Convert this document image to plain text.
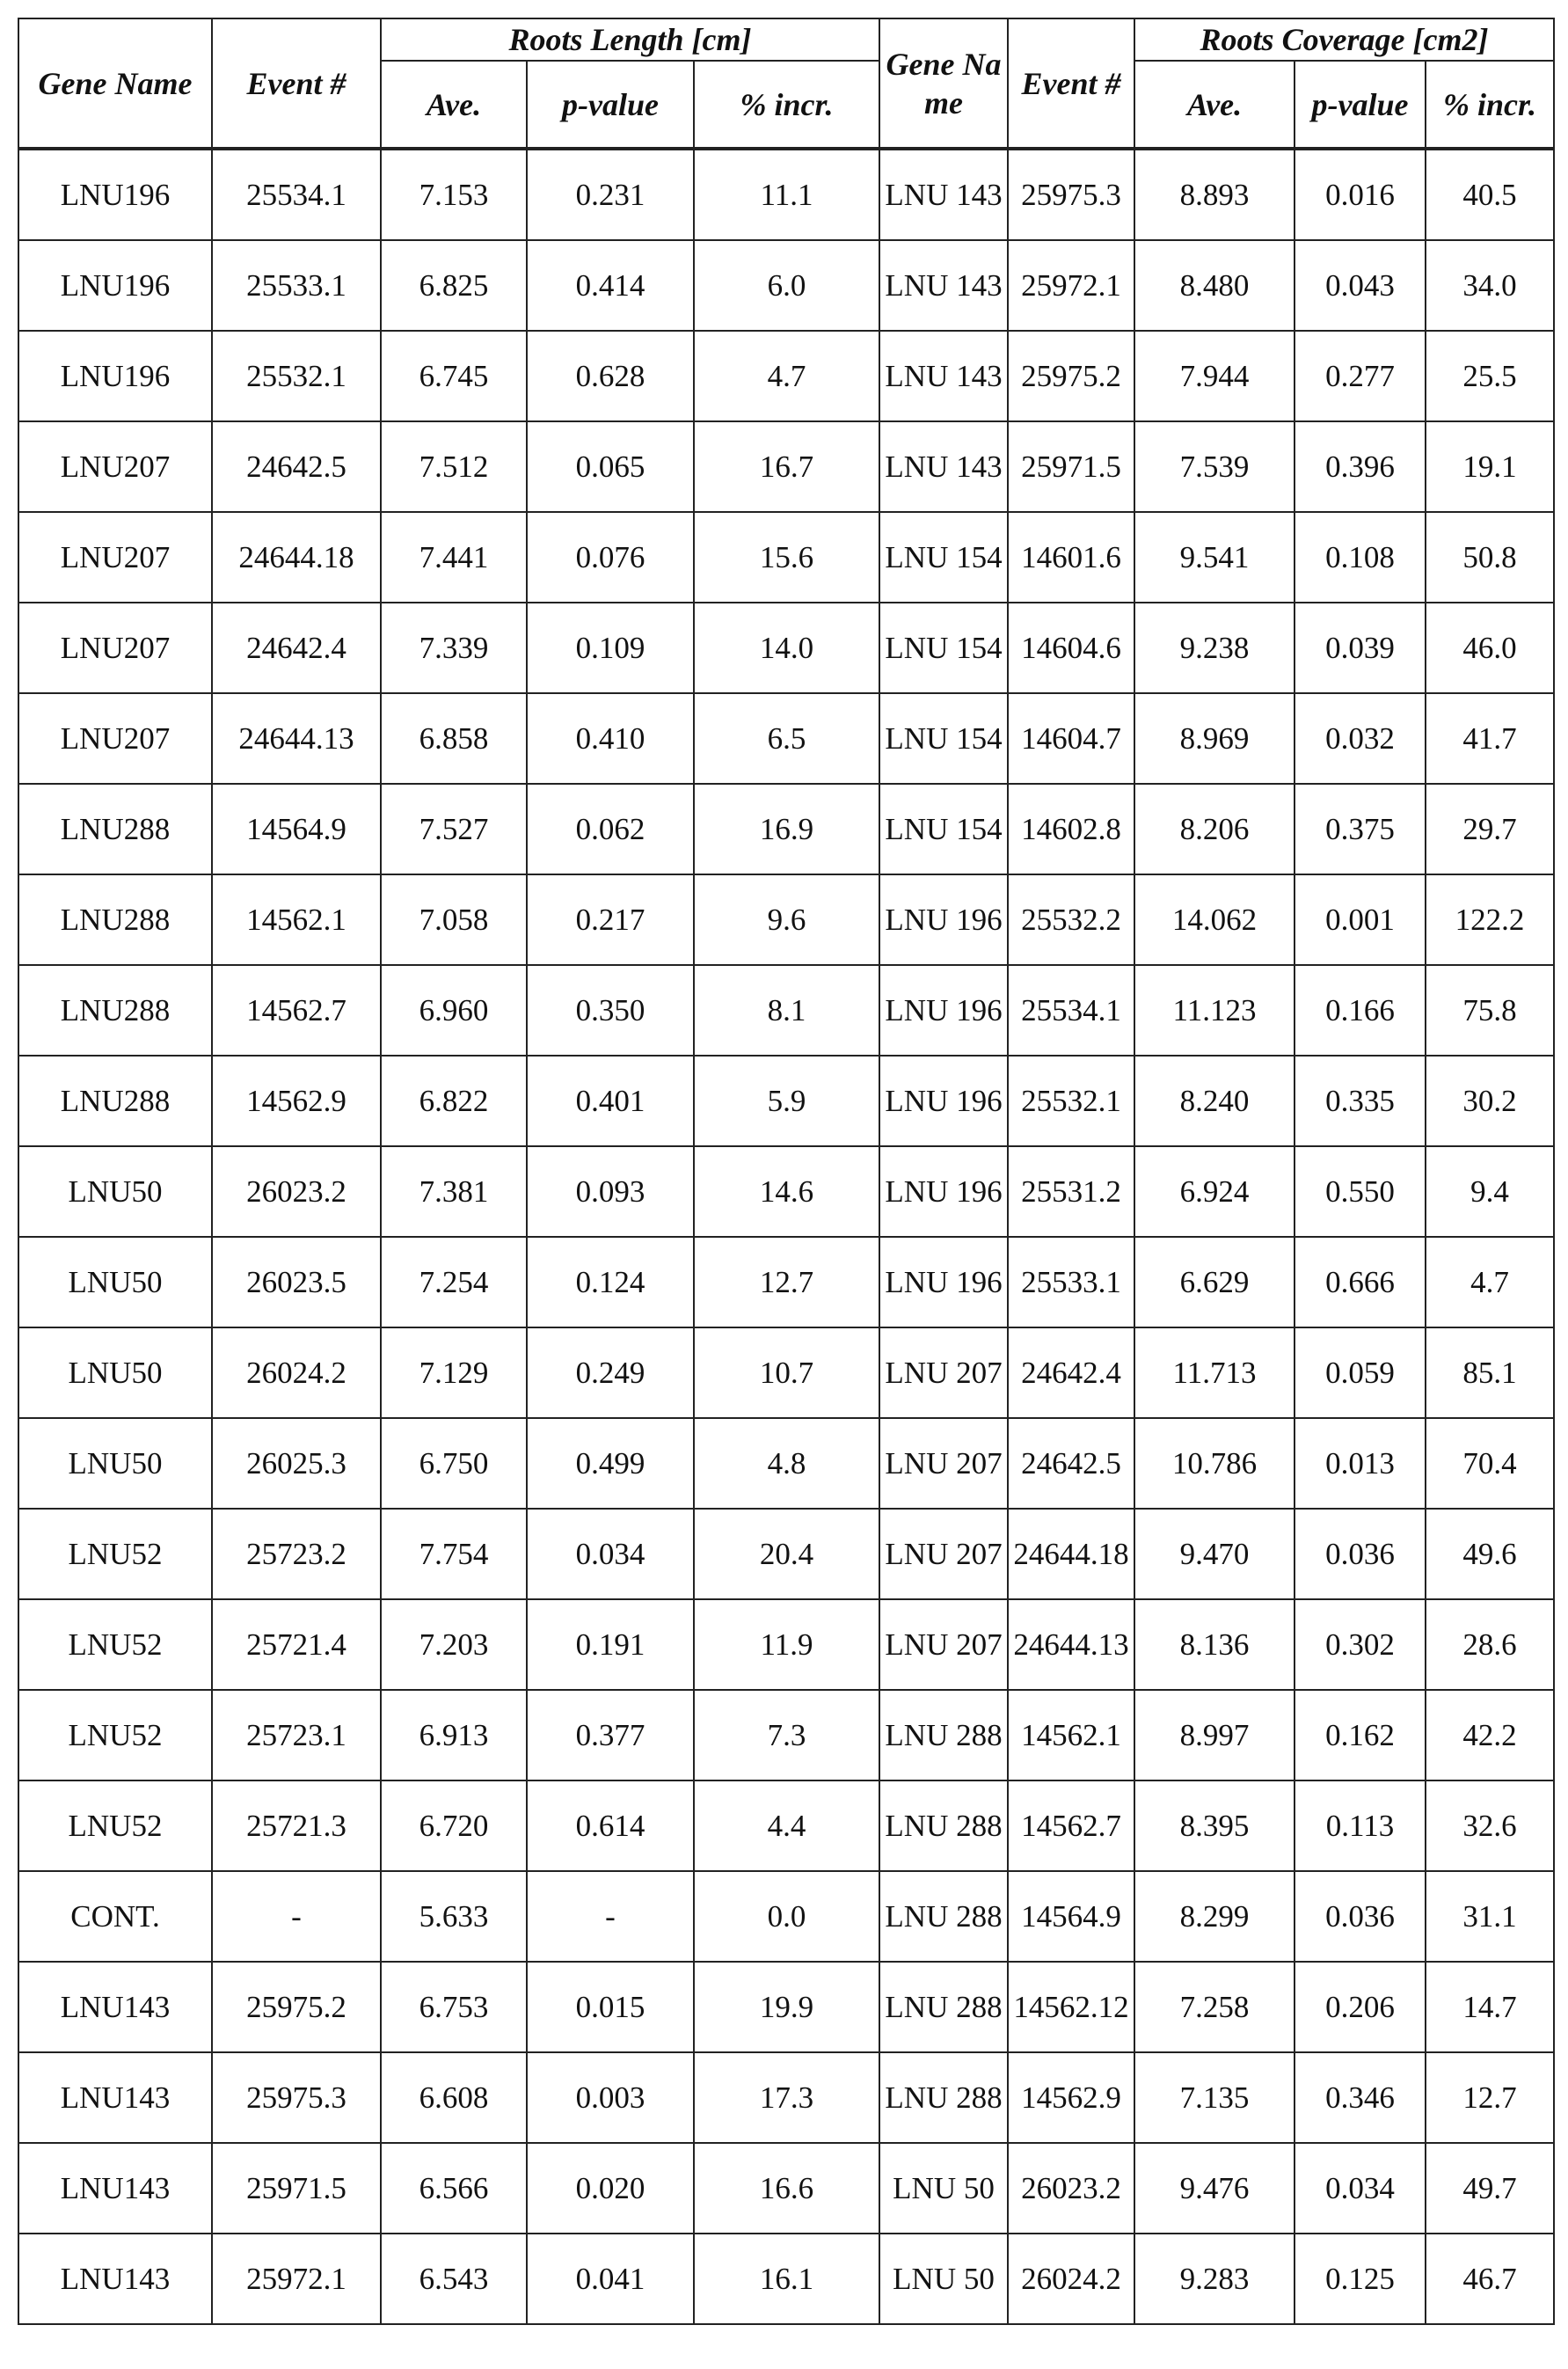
Gene Name	Event #	Roots Length [cm]	Gene Name	Event #	Roots Coverage [cm2]
Ave.	p-value	% incr.	Ave.	p-value	% incr.
LNU196	25534.1	7.153	0.231	11.1	LNU 143	25975.3	8.893	0.016	40.5
LNU196	25533.1	6.825	0.414	6.0	LNU 143	25972.1	8.480	0.043	34.0
LNU196	25532.1	6.745	0.628	4.7	LNU 143	25975.2	7.944	0.277	25.5
LNU207	24642.5	7.512	0.065	16.7	LNU 143	25971.5	7.539	0.396	19.1
LNU207	24644.18	7.441	0.076	15.6	LNU 154	14601.6	9.541	0.108	50.8
LNU207	24642.4	7.339	0.109	14.0	LNU 154	14604.6	9.238	0.039	46.0
LNU207	24644.13	6.858	0.410	6.5	LNU 154	14604.7	8.969	0.032	41.7
LNU288	14564.9	7.527	0.062	16.9	LNU 154	14602.8	8.206	0.375	29.7
LNU288	14562.1	7.058	0.217	9.6	LNU 196	25532.2	14.062	0.001	122.2
LNU288	14562.7	6.960	0.350	8.1	LNU 196	25534.1	11.123	0.166	75.8
LNU288	14562.9	6.822	0.401	5.9	LNU 196	25532.1	8.240	0.335	30.2
LNU50	26023.2	7.381	0.093	14.6	LNU 196	25531.2	6.924	0.550	9.4
LNU50	26023.5	7.254	0.124	12.7	LNU 196	25533.1	6.629	0.666	4.7
LNU50	26024.2	7.129	0.249	10.7	LNU 207	24642.4	11.713	0.059	85.1
LNU50	26025.3	6.750	0.499	4.8	LNU 207	24642.5	10.786	0.013	70.4
LNU52	25723.2	7.754	0.034	20.4	LNU 207	24644.18	9.470	0.036	49.6
LNU52	25721.4	7.203	0.191	11.9	LNU 207	24644.13	8.136	0.302	28.6
LNU52	25723.1	6.913	0.377	7.3	LNU 288	14562.1	8.997	0.162	42.2
LNU52	25721.3	6.720	0.614	4.4	LNU 288	14562.7	8.395	0.113	32.6
CONT.	-	5.633	-	0.0	LNU 288	14564.9	8.299	0.036	31.1
LNU143	25975.2	6.753	0.015	19.9	LNU 288	14562.12	7.258	0.206	14.7
LNU143	25975.3	6.608	0.003	17.3	LNU 288	14562.9	7.135	0.346	12.7
LNU143	25971.5	6.566	0.020	16.6	LNU 50	26023.2	9.476	0.034	49.7
LNU143	25972.1	6.543	0.041	16.1	LNU 50	26024.2	9.283	0.125	46.7
